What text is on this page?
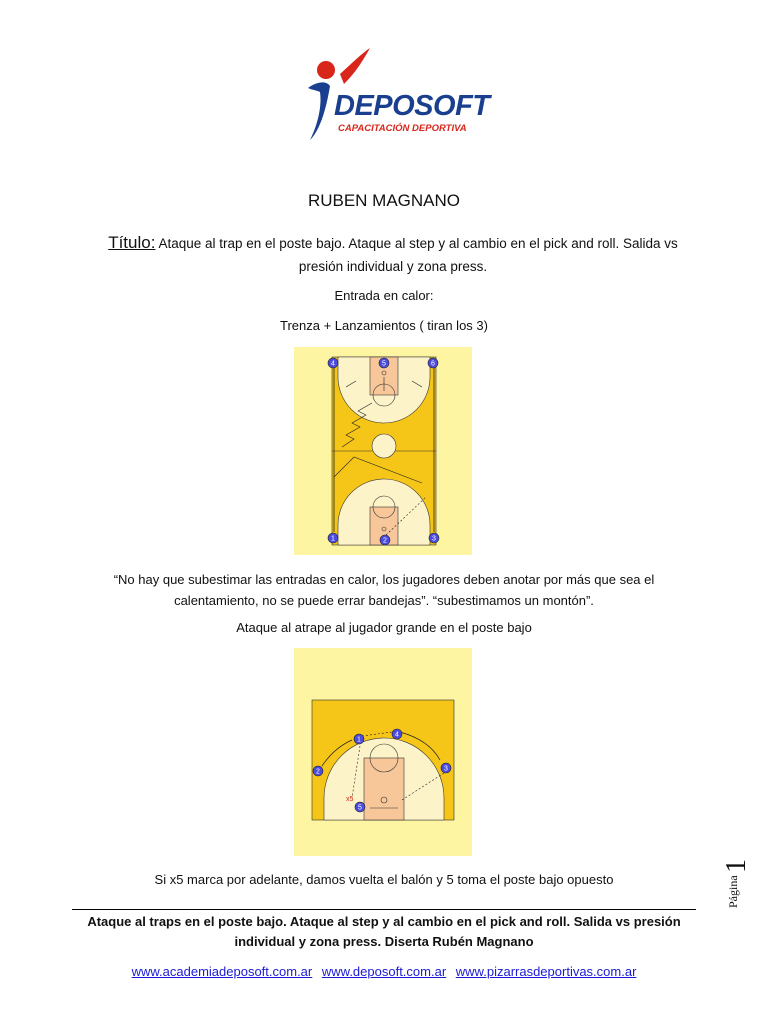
DEPOSOFT
CAPACITACIÓN DEPORTIVA
RUBEN MAGNANO
Título: Ataque al trap en el poste bajo. Ataque al step y al cambio en el pick and roll. Salida vs presión individual y zona press.
Entrada en calor:
Trenza + Lanzamientos ( tiran los 3)
4	5	6
1	2	3
“No hay que subestimar las entradas en calor, los jugadores deben anotar por más que sea el calentamiento, no se puede errar bandejas”. “subestimamos un montón”.
Ataque al atrape al jugador grande en el poste bajo
x5
1
4
2	3
5
Si x5 marca por adelante, damos vuelta el balón y 5 toma el poste bajo opuesto	Página
1
Ataque al traps en el poste bajo. Ataque al step y al cambio en el pick and roll. Salida vs presión individual y zona press. Diserta Rubén Magnano
www.academiadeposoft.com.ar www.deposoft.com.ar www.pizarrasdeportivas.com.ar
